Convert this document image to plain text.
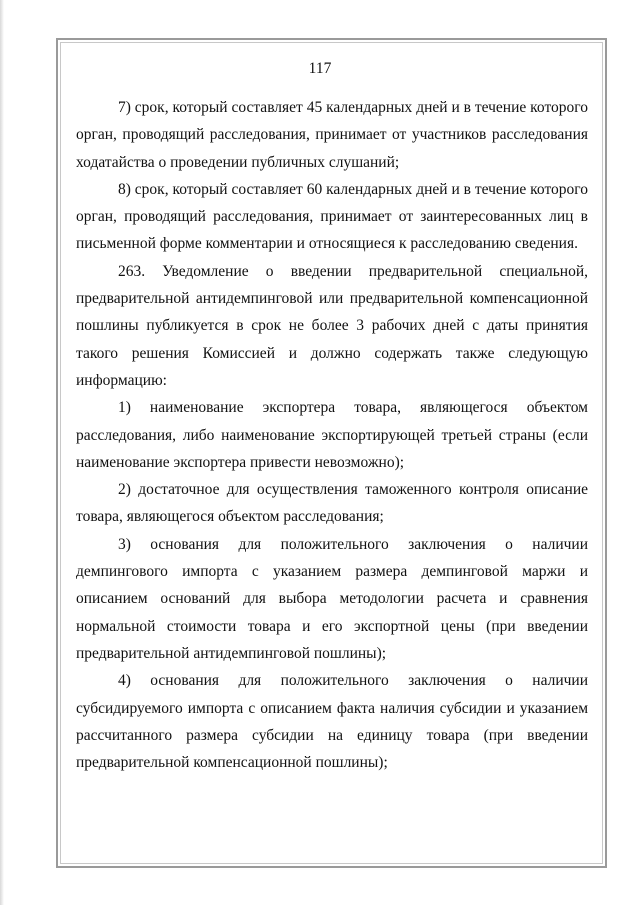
117

7) срок, который составляет 45 календарных дней и в течение которого орган, проводящий расследования, принимает от участников расследования ходатайства о проведении публичных слушаний;

8) срок, который составляет 60 календарных дней и в течение которого орган, проводящий расследования, принимает от заинтересованных лиц в письменной форме комментарии и относящиеся к расследованию сведения.

263. Уведомление о введении предварительной специальной, предварительной антидемпинговой или предварительной компенсационной пошлины публикуется в срок не более 3 рабочих дней с даты принятия такого решения Комиссией и должно содержать также следующую информацию:

1) наименование экспортера товара, являющегося объектом расследования, либо наименование экспортирующей третьей страны (если наименование экспортера привести невозможно);

2) достаточное для осуществления таможенного контроля описание товара, являющегося объектом расследования;

3) основания для положительного заключения о наличии демпингового импорта с указанием размера демпинговой маржи и описанием оснований для выбора методологии расчета и сравнения нормальной стоимости товара и его экспортной цены (при введении предварительной антидемпинговой пошлины);

4) основания для положительного заключения о наличии субсидируемого импорта с описанием факта наличия субсидии и указанием рассчитанного размера субсидии на единицу товара (при введении предварительной компенсационной пошлины);
